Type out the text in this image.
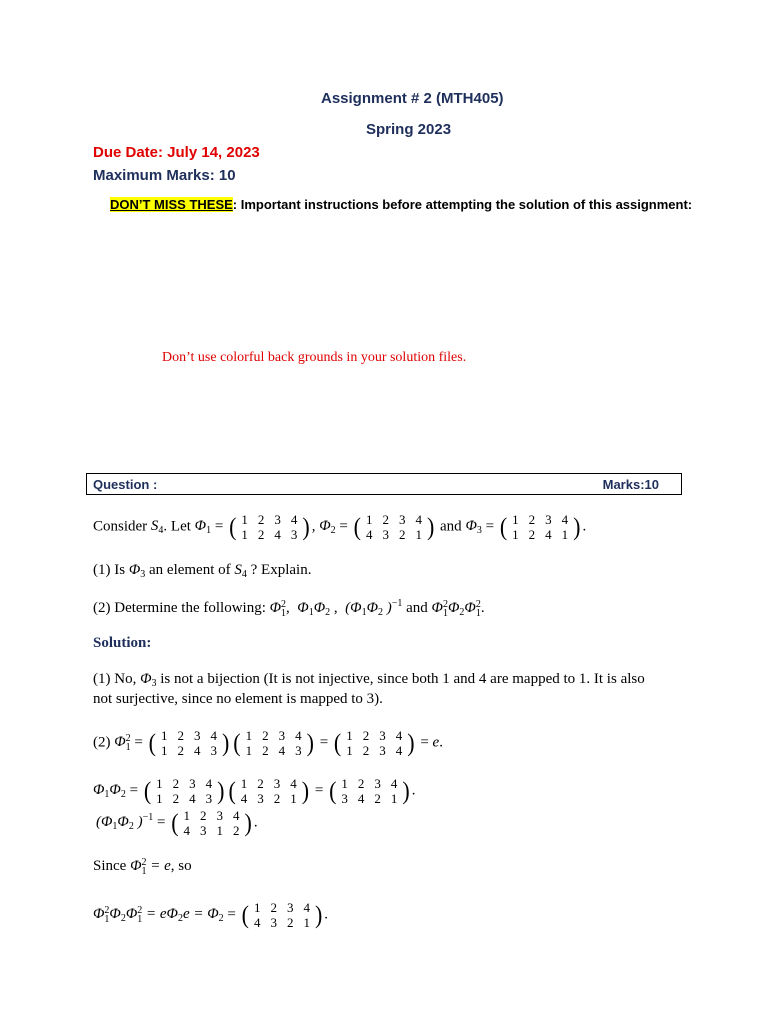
Assignment # 2 (MTH405)
Spring 2023
Due Date: July 14, 2023
Maximum Marks: 10
DON’T MISS THESE: Important instructions before attempting the solution of this assignment:
Don’t use colorful back grounds in your solution files.
Question :	Marks:10
Consider $S_4$. Let $\Phi_1$ = ( 1	2	3	4
1	2	4	3 ) , $\Phi_2$ = ( 1	2	3	4
4	3	2	1 ) and $\Phi_3$ = ( 1	2	3	4
1	2	4	1 ) .
(1) Is $\Phi_3$ an element of $S_4$ ? Explain.
(2) Determine the following: Φ2
1,  $\Phi_1\Phi_2$ ,  ($\Phi_1\Phi_2$ )$^{-1}$ and Φ2
$1\Phi_2\Phi 2$
1.
Solution:
(1) No, $\Phi_3$ is not a bijection (It is not injective, since both 1 and 4 are mapped to 1. It is also
not surjective, since no element is mapped to 3).
(2) Φ2
1 = ( 1	2	3	4
1	2	4	3 ) ( 1	2	3	4
1	2	4	3 ) = ( 1	2	3	4
1	2	3	4 ) = e.
$\Phi_1\Phi_2$ = ( 1	2	3	4
1	2	4	3 ) ( 1	2	3	4
4	3	2	1 ) = ( 1	2	3	4
3	4	2	1 ) .
($\Phi_1\Phi_2$ )$^{-1}$ = ( 1	2	3	4
4	3	1	2 ) .
Since Φ2
1 = e, so
Φ2
$1\Phi_2\Phi 2$
$1 = e\Phi_2e = \Phi_2$ = ( 1	2	3	4
4	3	2	1 ) .
